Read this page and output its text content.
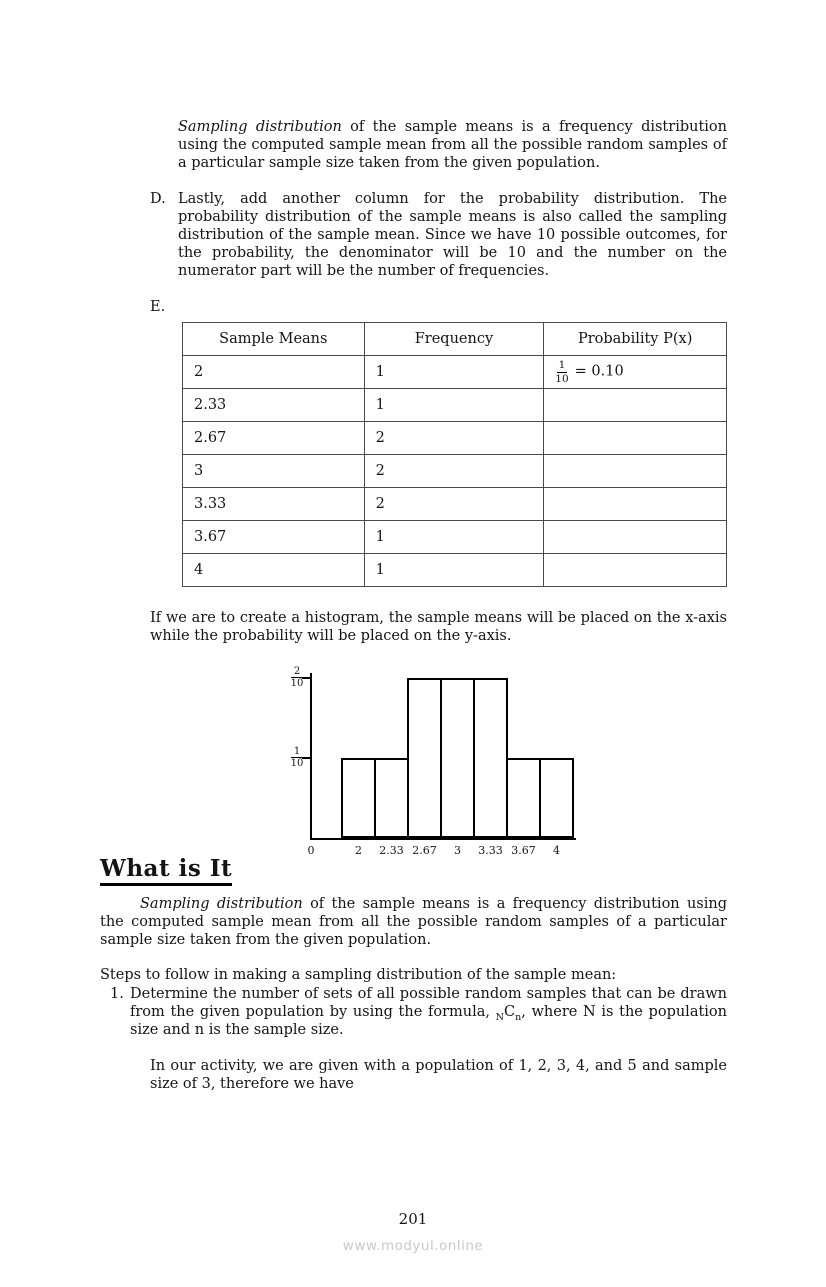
Sampling distribution of the sample means is a frequency distribution using the computed sample mean from all the possible random samples of a particular sample size taken from the given population.

D. Lastly, add another column for the probability distribution. The probability distribution of the sample means is also called the sampling distribution of the sample mean. Since we have 10 possible outcomes, for the probability, the denominator will be 10 and the number on the numerator part will be the number of frequencies.
E.
Sample Means	Frequency	Probability P(x)
2	1	$\frac{1}{10} = 0.10$
2.33	1	
2.67	2	
3	2	
3.33	2	
3.67	1	
4	1	

If we are to create a histogram, the sample means will be placed on the x-axis while the probability will be placed on the y-axis.

0	2 2.33 2.67 3 3.33 3.67 4
1
10
2
10
What is It

Sampling distribution of the sample means is a frequency distribution using the computed sample mean from all the possible random samples of a particular sample size taken from the given population.

Steps to follow in making a sampling distribution of the sample mean:

1. Determine the number of sets of all possible random samples that can be drawn from the given population by using the formula, $_NC_n$, where N is the population size and n is the sample size.

In our activity, we are given with a population of 1, 2, 3, 4, and 5 and sample size of 3, therefore we have

201
www.modyul.online
